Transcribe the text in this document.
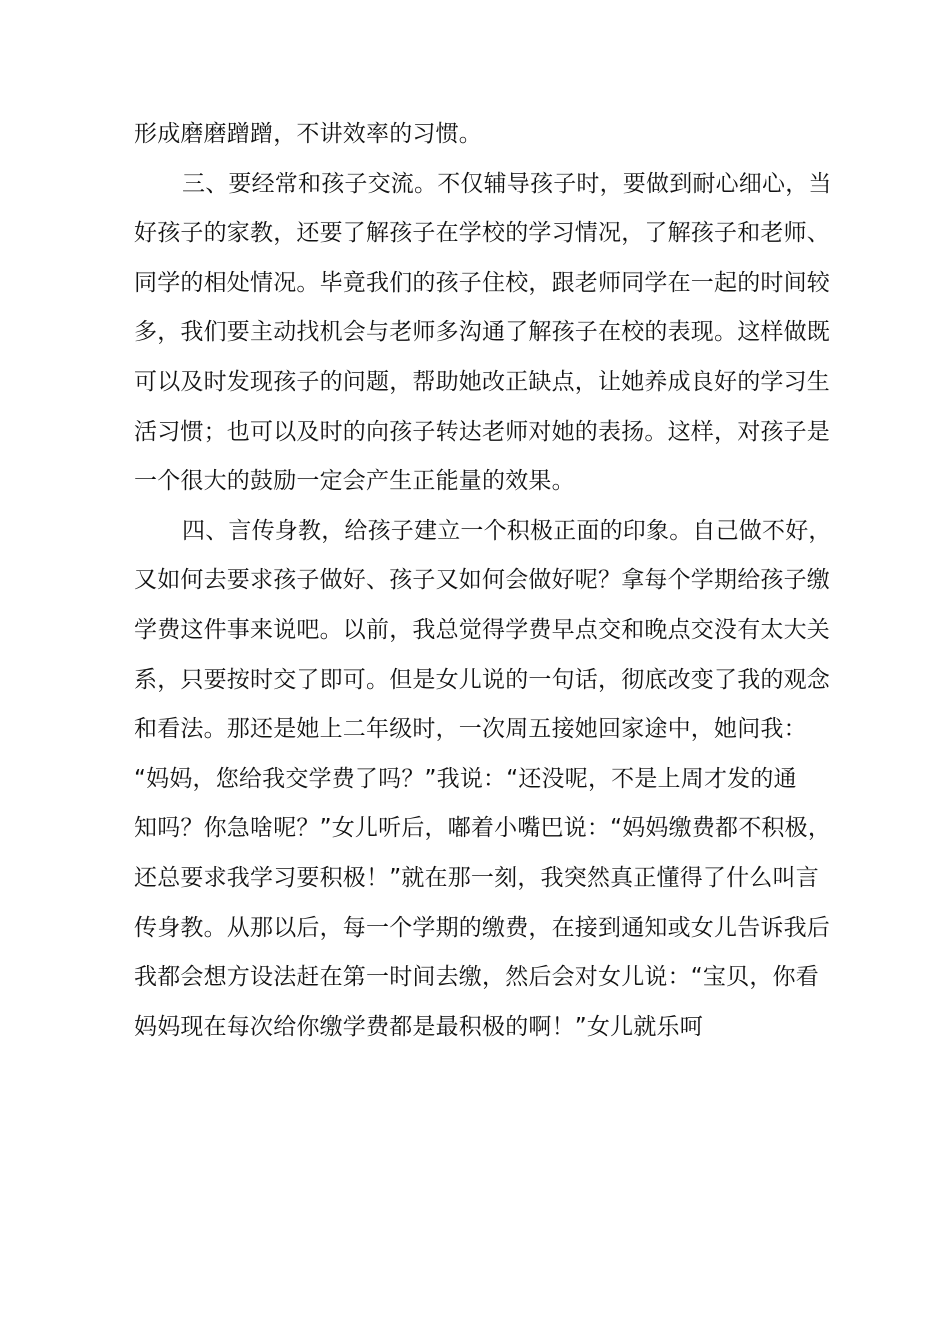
形成磨磨蹭蹭，不讲效率的习惯。
三、要经常和孩子交流。不仅辅导孩子时，要做到耐心细心，当
好孩子的家教，还要了解孩子在学校的学习情况，了解孩子和老师、
同学的相处情况。毕竟我们的孩子住校，跟老师同学在一起的时间较
多，我们要主动找机会与老师多沟通了解孩子在校的表现。这样做既
可以及时发现孩子的问题，帮助她改正缺点，让她养成良好的学习生
活习惯；也可以及时的向孩子转达老师对她的表扬。这样，对孩子是
一个很大的鼓励一定会产生正能量的效果。
四、言传身教，给孩子建立一个积极正面的印象。自己做不好，
又如何去要求孩子做好、孩子又如何会做好呢？拿每个学期给孩子缴
学费这件事来说吧。以前，我总觉得学费早点交和晚点交没有太大关
系，只要按时交了即可。但是女儿说的一句话，彻底改变了我的观念
和看法。那还是她上二年级时，一次周五接她回家途中，她问我：
“妈妈，您给我交学费了吗？”我说：“还没呢，不是上周才发的通
知吗？你急啥呢？”女儿听后，嘟着小嘴巴说：“妈妈缴费都不积极，
还总要求我学习要积极！”就在那一刻，我突然真正懂得了什么叫言
传身教。从那以后，每一个学期的缴费，在接到通知或女儿告诉我后
我都会想方设法赶在第一时间去缴，然后会对女儿说：“宝贝，你看
妈妈现在每次给你缴学费都是最积极的啊！”女儿就乐呵
